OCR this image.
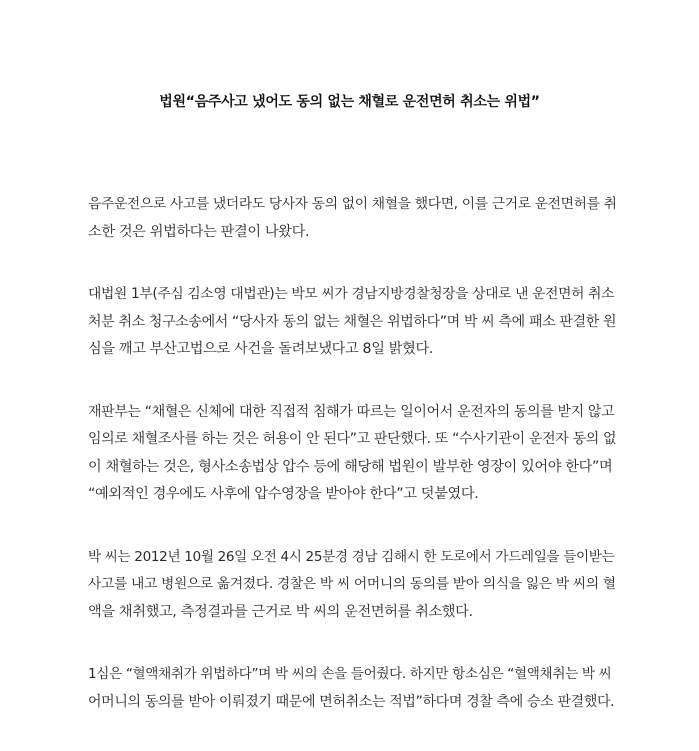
법원“음주사고 냈어도 동의 없는 채혈로 운전면허 취소는 위법”

음주운전으로 사고를 냈더라도 당사자 동의 없이 채혈을 했다면, 이를 근거로 운전면허를 취
소한 것은 위법하다는 판결이 나왔다.

대법원 1부(주심 김소영 대법관)는 박모 씨가 경남지방경찰청장을 상대로 낸 운전면허 취소
처분 취소 청구소송에서 “당사자 동의 없는 채혈은 위법하다”며 박 씨 측에 패소 판결한 원
심을 깨고 부산고법으로 사건을 돌려보냈다고 8일 밝혔다.

재판부는 “채혈은 신체에 대한 직접적 침해가 따르는 일이어서 운전자의 동의를 받지 않고
임의로 채혈조사를 하는 것은 허용이 안 된다”고 판단했다. 또 “수사기관이 운전자 동의 없
이 채혈하는 것은, 형사소송법상 압수 등에 해당해 법원이 발부한 영장이 있어야 한다”며
“예외적인 경우에도 사후에 압수영장을 받아야 한다”고 덧붙였다.

박 씨는 2012년 10월 26일 오전 4시 25분경 경남 김해시 한 도로에서 가드레일을 들이받는
사고를 내고 병원으로 옮겨졌다. 경찰은 박 씨 어머니의 동의를 받아 의식을 잃은 박 씨의 혈
액을 채취했고, 측정결과를 근거로 박 씨의 운전면허를 취소했다.

1심은 “혈액채취가 위법하다”며 박 씨의 손을 들어줬다. 하지만 항소심은 “혈액채취는 박 씨
어머니의 동의를 받아 이뤄졌기 때문에 면허취소는 적법”하다며 경찰 측에 승소 판결했다.
